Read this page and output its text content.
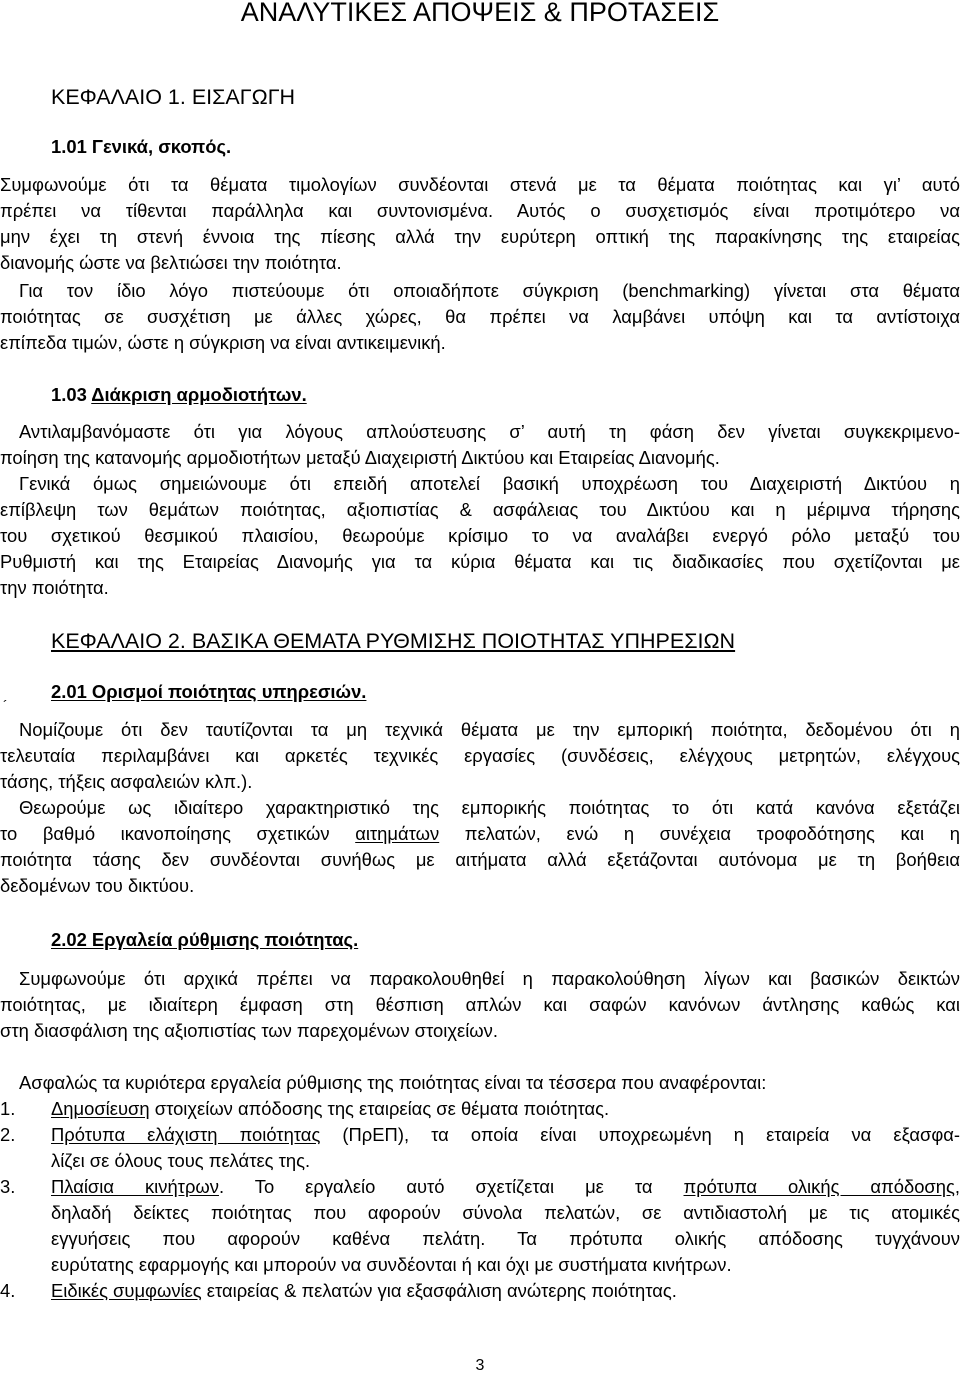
ΑΝΑΛΥΤΙΚΕΣ ΑΠΟΨΕΙΣ & ΠΡΟΤΑΣΕΙΣ
ΚΕΦΑΛΑΙΟ 1. ΕΙΣΑΓΩΓΗ
1.01 Γενικά, σκοπός.
Συμφωνούμε ότι τα θέματα τιμολογίων συνδέονται στενά με τα θέματα ποιότητας και γι’ αυτό
πρέπει να τίθενται παράλληλα και συντονισμένα. Αυτός ο συσχετισμός είναι προτιμότερο να
μην έχει τη στενή έννοια της πίεσης αλλά την ευρύτερη οπτική της παρακίνησης της εταιρείας
διανομής ώστε να βελτιώσει την ποιότητα.
Για τον ίδιο λόγο πιστεύουμε ότι οποιαδήποτε σύγκριση (benchmarking) γίνεται στα θέματα
ποιότητας σε συσχέτιση με άλλες χώρες, θα πρέπει να λαμβάνει υπόψη και τα αντίστοιχα
επίπεδα τιμών, ώστε η σύγκριση να είναι αντικειμενική.
1.03 Διάκριση αρμοδιοτήτων.
Αντιλαμβανόμαστε ότι για λόγους απλούστευσης σ’ αυτή τη φάση δεν γίνεται συγκεκριμενο-
ποίηση της κατανομής αρμοδιοτήτων μεταξύ Διαχειριστή Δικτύου και Εταιρείας Διανομής.
Γενικά όμως σημειώνουμε ότι επειδή αποτελεί βασική υποχρέωση του Διαχειριστή Δικτύου η
επίβλεψη των θεμάτων ποιότητας, αξιοπιστίας & ασφάλειας του Δικτύου και η μέριμνα τήρησης
του σχετικού θεσμικού πλαισίου, θεωρούμε κρίσιμο το να αναλάβει ενεργό ρόλο μεταξύ του
Ρυθμιστή και της Εταιρείας Διανομής για τα κύρια θέματα και τις διαδικασίες που σχετίζονται με
την ποιότητα.
ΚΕΦΑΛΑΙΟ 2. ΒΑΣΙΚΑ ΘΕΜΑΤΑ ΡΥΘΜΙΣΗΣ ΠΟΙΟΤΗΤΑΣ ΥΠΗΡΕΣΙΩΝ
´
2.01 Ορισμοί ποιότητας υπηρεσιών.
Νομίζουμε ότι δεν ταυτίζονται τα μη τεχνικά θέματα με την εμπορική ποιότητα, δεδομένου ότι η
τελευταία περιλαμβάνει και αρκετές τεχνικές εργασίες (συνδέσεις, ελέγχους μετρητών, ελέγχους
τάσης, τήξεις ασφαλειών κλπ.).
Θεωρούμε ως ιδιαίτερο χαρακτηριστικό της εμπορικής ποιότητας το ότι κατά κανόνα εξετάζει
το βαθμό ικανοποίησης σχετικών αιτημάτων πελατών, ενώ η συνέχεια τροφοδότησης και η
ποιότητα τάσης δεν συνδέονται συνήθως με αιτήματα αλλά εξετάζονται αυτόνομα με τη βοήθεια
δεδομένων του δικτύου.
2.02 Εργαλεία ρύθμισης ποιότητας.
Συμφωνούμε ότι αρχικά πρέπει να παρακολουθηθεί η παρακολούθηση λίγων και βασικών δεικτών
ποιότητας, με ιδιαίτερη έμφαση στη θέσπιση απλών και σαφών κανόνων άντλησης καθώς και
στη διασφάλιση της αξιοπιστίας των παρεχομένων στοιχείων.
Ασφαλώς τα κυριότερα εργαλεία ρύθμισης της ποιότητας είναι τα τέσσερα που αναφέρονται:
1. Δημοσίευση στοιχείων απόδοσης της εταιρείας σε θέματα ποιότητας.
2. Πρότυπα ελάχιστη ποιότητας (ΠρΕΠ), τα οποία είναι υποχρεωμένη η εταιρεία να εξασφα-
λίζει σε όλους τους πελάτες της.
3. Πλαίσια κινήτρων. Το εργαλείο αυτό σχετίζεται με τα πρότυπα ολικής απόδοσης,
δηλαδή δείκτες ποιότητας που αφορούν σύνολα πελατών, σε αντιδιαστολή με τις ατομικές
εγγυήσεις που αφορούν καθένα πελάτη. Τα πρότυπα ολικής απόδοσης τυγχάνουν
ευρύτατης εφαρμογής και μπορούν να συνδέονται ή και όχι με συστήματα κινήτρων.
4. Ειδικές συμφωνίες εταιρείας & πελατών για εξασφάλιση ανώτερης ποιότητας.
3
